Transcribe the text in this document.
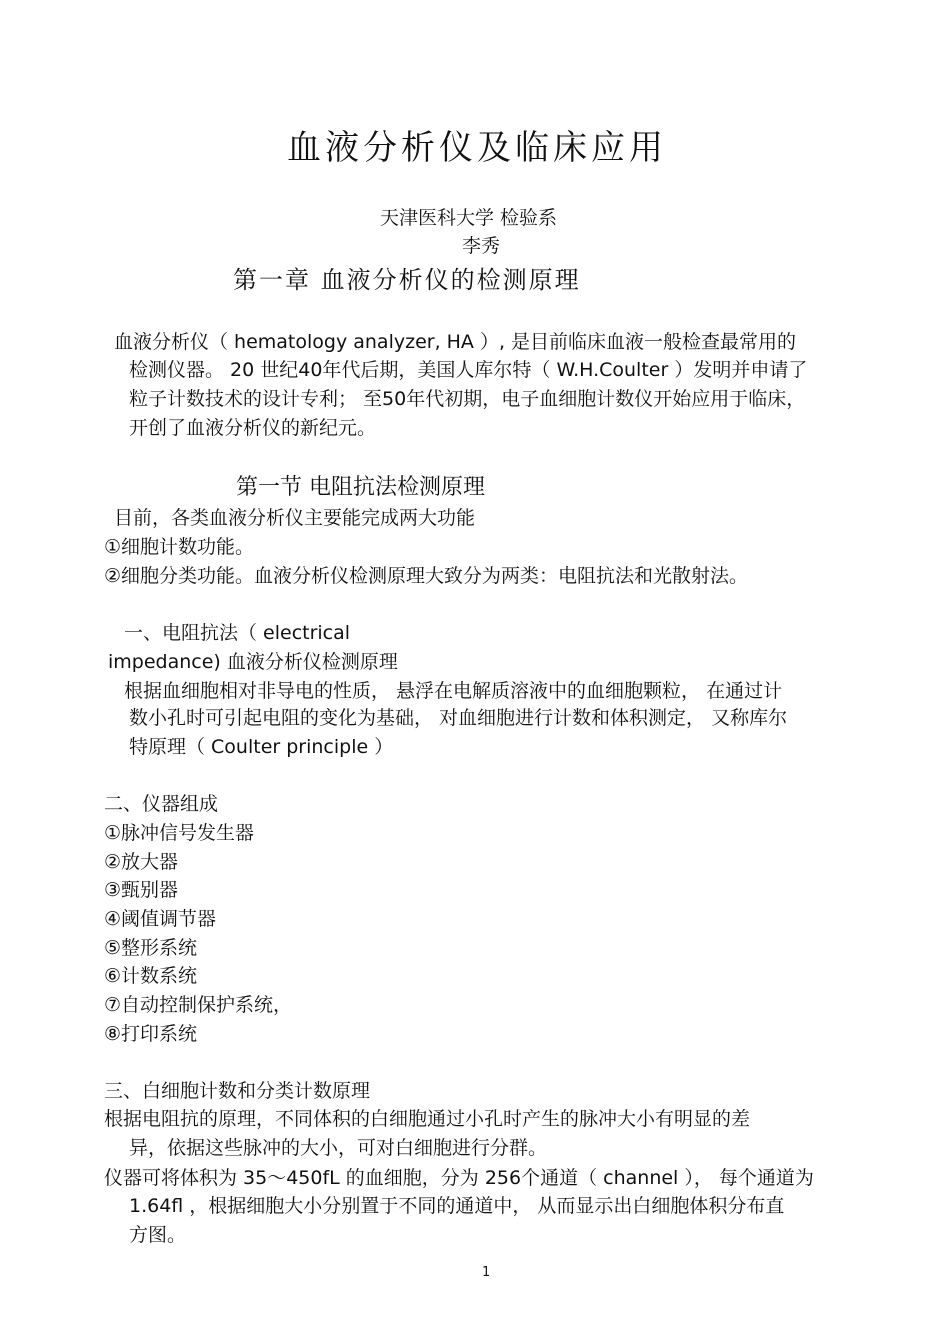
血液分析仪及临床应用
天津医科大学 检验系
李秀
第一章 血液分析仪的检测原理
血液分析仪（ hematology analyzer, HA ）, 是目前临床血液一般检查最常用的
检测仪器。 20 世纪40年代后期，美国人库尔特（ W.H.Coulter ）发明并申请了
粒子计数技术的设计专利； 至50年代初期，电子血细胞计数仪开始应用于临床，
开创了血液分析仪的新纪元。
第一节 电阻抗法检测原理
目前，各类血液分析仪主要能完成两大功能
①细胞计数功能。
②细胞分类功能。血液分析仪检测原理大致分为两类：电阻抗法和光散射法。
一、电阻抗法（ electrical
impedance) 血液分析仪检测原理
根据血细胞相对非导电的性质， 悬浮在电解质溶液中的血细胞颗粒， 在通过计
数小孔时可引起电阻的变化为基础， 对血细胞进行计数和体积测定， 又称库尔
特原理（ Coulter principle ）
二、仪器组成
①脉冲信号发生器
②放大器
③甄别器
④阈值调节器
⑤整形系统
⑥计数系统
⑦自动控制保护系统，
⑧打印系统
三、白细胞计数和分类计数原理
根据电阻抗的原理，不同体积的白细胞通过小孔时产生的脉冲大小有明显的差
异，依据这些脉冲的大小，可对白细胞进行分群。
仪器可将体积为 35～450fL 的血细胞，分为 256个通道（ channel ）， 每个通道为
1.64fl ，根据细胞大小分别置于不同的通道中， 从而显示出白细胞体积分布直
方图。
1
